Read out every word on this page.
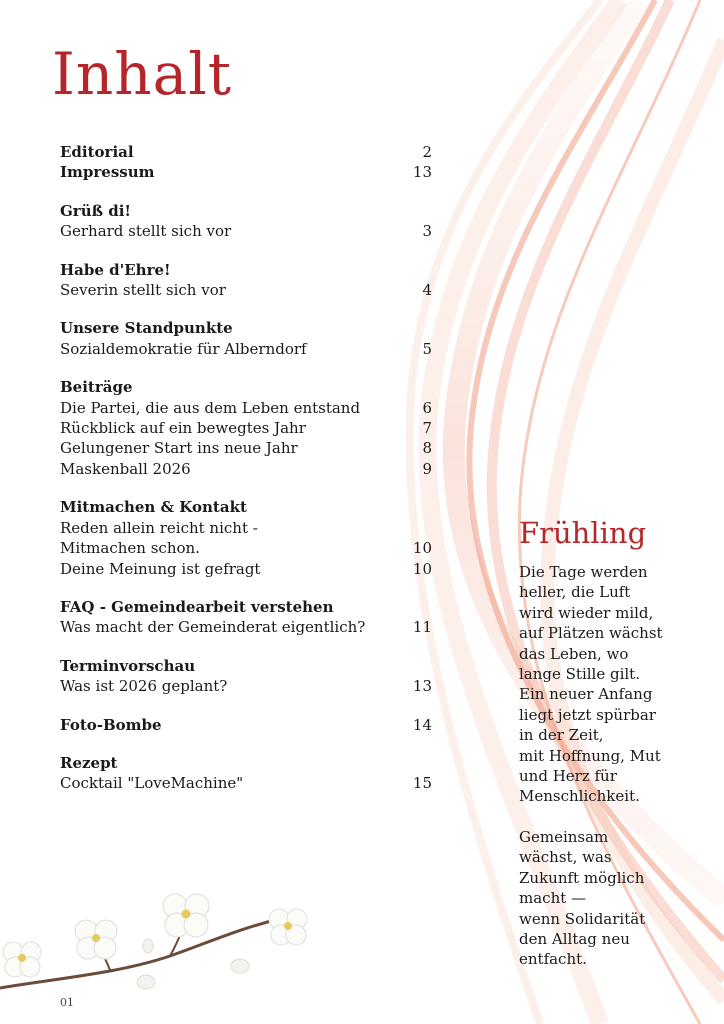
Inhalt
Editorial	2
Impressum	13
Grüß di!
Gerhard stellt sich vor	3
Habe d'Ehre!
Severin stellt sich vor	4
Unsere Standpunkte
Sozialdemokratie für Alberndorf	5
Beiträge
Die Partei, die aus dem Leben entstand	6
Rückblick auf ein bewegtes Jahr	7
Gelungener Start ins neue Jahr	8
Maskenball 2026	9
Mitmachen & Kontakt
Reden allein reicht nicht -
Mitmachen schon.	10
Deine Meinung ist gefragt	10
FAQ - Gemeindearbeit verstehen
Was macht der Gemeinderat eigentlich?	11
Terminvorschau
Was ist 2026 geplant?	13
Foto-Bombe	14
Rezept
Cocktail "LoveMachine"	15
Frühling

Die Tage werden
heller, die Luft
wird wieder mild,
auf Plätzen wächst
das Leben, wo
lange Stille gilt.
Ein neuer Anfang
liegt jetzt spürbar
in der Zeit,
mit Hoffnung, Mut
und Herz für
Menschlichkeit.

Gemeinsam
wächst, was
Zukunft möglich
macht —
wenn Solidarität
den Alltag neu
entfacht.

01
